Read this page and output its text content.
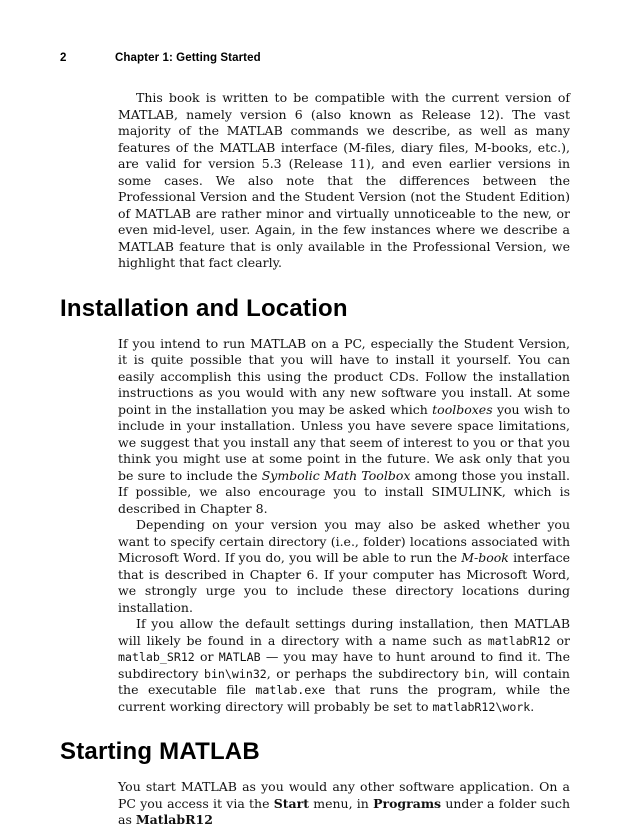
2	Chapter 1: Getting Started

This book is written to be compatible with the current version of MATLAB, namely version 6 (also known as Release 12). The vast majority of the MATLAB commands we describe, as well as many features of the MATLAB interface (M-files, diary files, M-books, etc.), are valid for version 5.3 (Release 11), and even earlier versions in some cases. We also note that the differences between the Professional Version and the Student Version (not the Student Edition) of MATLAB are rather minor and virtually unnoticeable to the new, or even mid-level, user. Again, in the few instances where we describe a MATLAB feature that is only available in the Professional Version, we highlight that fact clearly.

Installation and Location

If you intend to run MATLAB on a PC, especially the Student Version, it is quite possible that you will have to install it yourself. You can easily accomplish this using the product CDs. Follow the installation instructions as you would with any new software you install. At some point in the installation you may be asked which toolboxes you wish to include in your installation. Unless you have severe space limitations, we suggest that you install any that seem of interest to you or that you think you might use at some point in the future. We ask only that you be sure to include the Symbolic Math Toolbox among those you install. If possible, we also encourage you to install SIMULINK, which is described in Chapter 8.

Depending on your version you may also be asked whether you want to specify certain directory (i.e., folder) locations associated with Microsoft Word. If you do, you will be able to run the M-book interface that is described in Chapter 6. If your computer has Microsoft Word, we strongly urge you to include these directory locations during installation.

If you allow the default settings during installation, then MATLAB will likely be found in a directory with a name such as matlabR12 or matlab_SR12 or MATLAB — you may have to hunt around to find it. The subdirectory bin\win32, or perhaps the subdirectory bin, will contain the executable file matlab.exe that runs the program, while the current working directory will probably be set to matlabR12\work.

Starting MATLAB

You start MATLAB as you would any other software application. On a PC you access it via the Start menu, in Programs under a folder such as MatlabR12
